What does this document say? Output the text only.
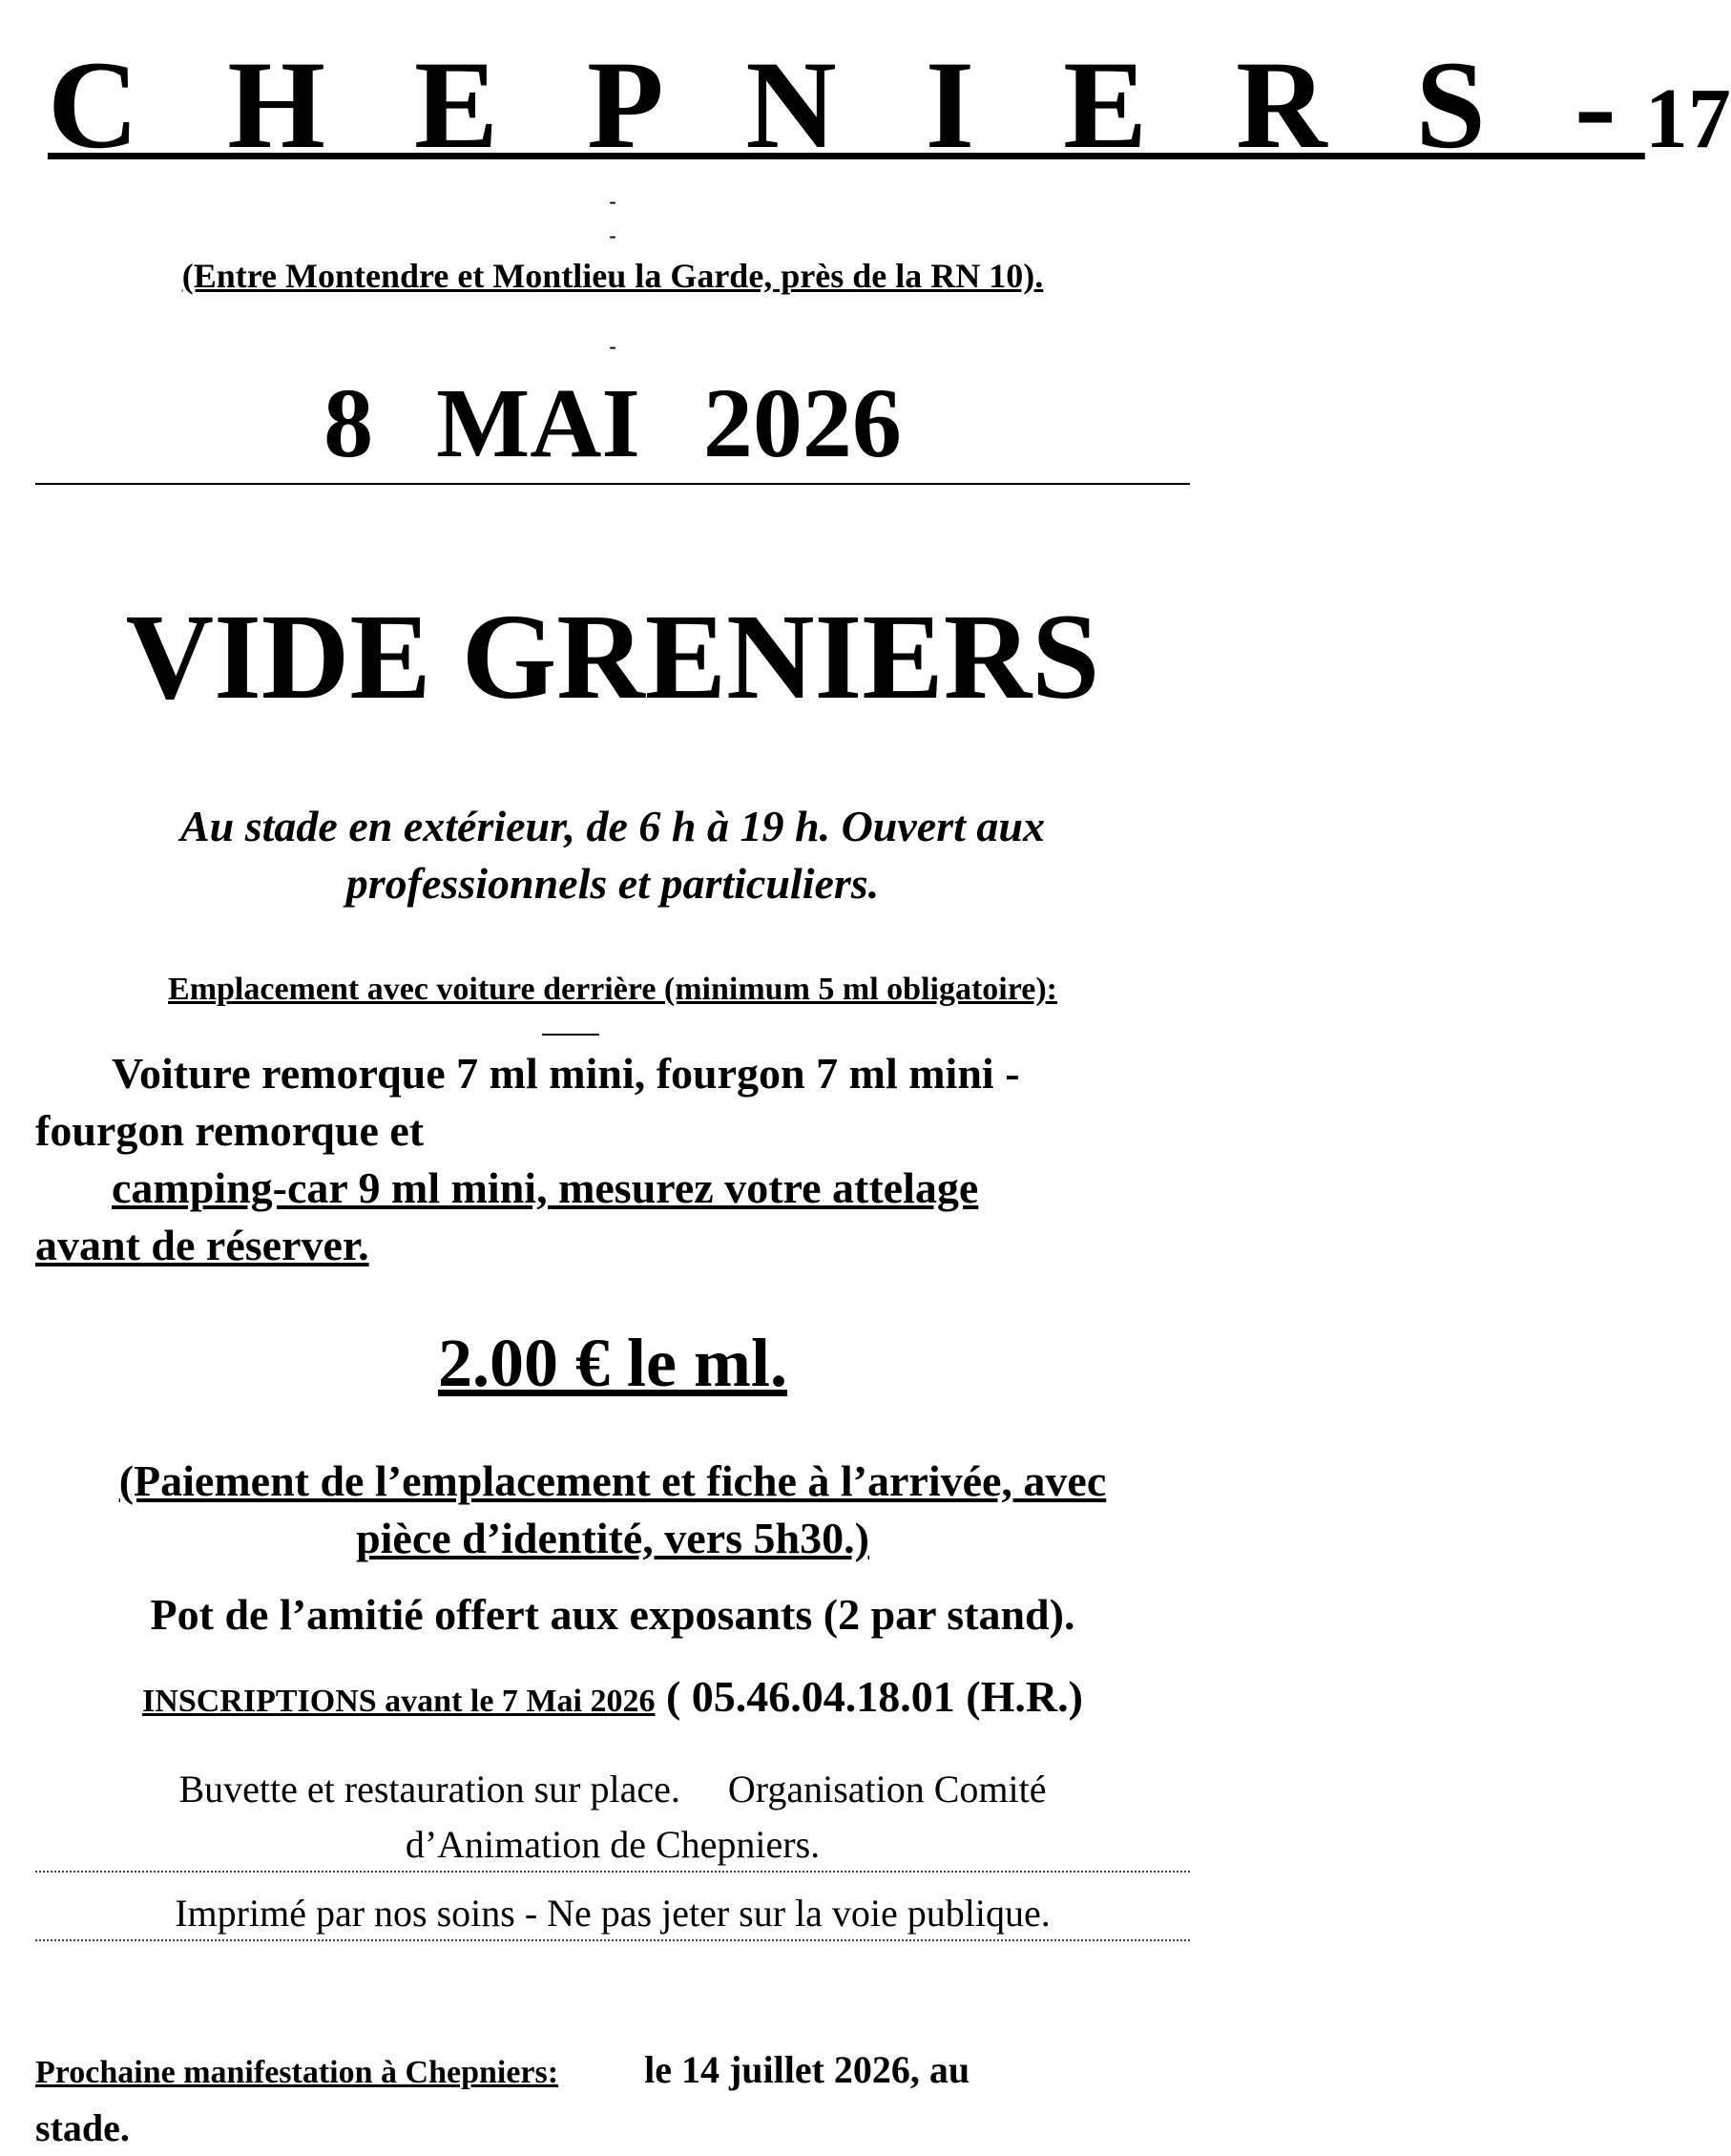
C H E P N I E R S -17
-
-
(Entre Montendre et Montlieu la Garde, près de la RN 10).
-
8 MAI 2026
VIDE GRENIERS
Au stade en extérieur, de 6 h à 19 h. Ouvert aux
professionnels et particuliers.
Emplacement avec voiture derrière (minimum 5 ml obligatoire):
Voiture remorque 7 ml mini, fourgon 7 ml mini -
fourgon remorque et
camping-car 9 ml mini, mesurez votre attelage
avant de réserver.
2.00 € le ml.
(Paiement de l’emplacement et fiche à l’arrivée, avec
pièce d’identité, vers 5h30.)
Pot de l’amitié offert aux exposants (2 par stand).
INSCRIPTIONS avant le 7 Mai 2026 ( 05.46.04.18.01 (H.R.)
Buvette et restauration sur place.     Organisation Comité
d’Animation de Chepniers.
Imprimé par nos soins - Ne pas jeter sur la voie publique.
Prochaine manifestation à Chepniers: le 14 juillet 2026, au
stade.
